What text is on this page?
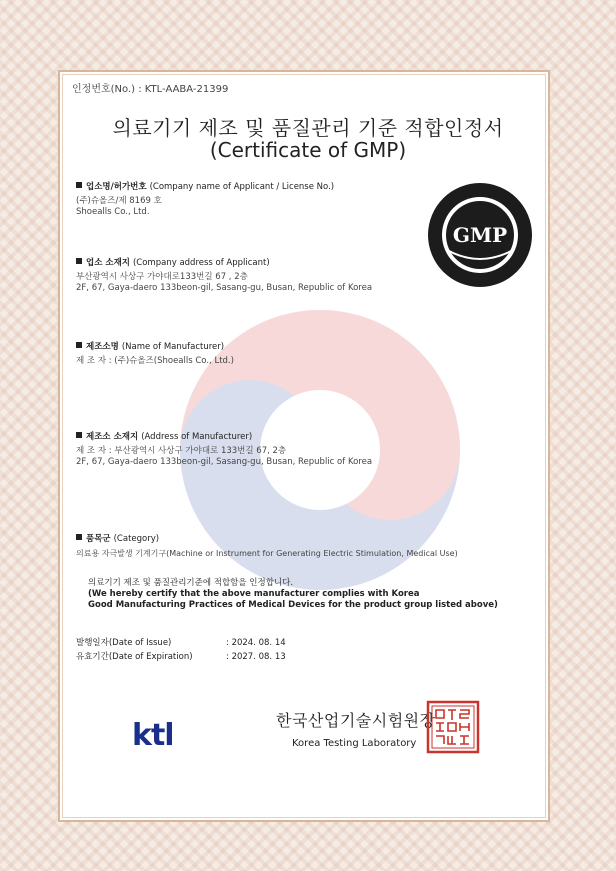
인정번호(No.) : KTL-AABA-21399
의료기기 제조 및 품질관리 기준 적합인정서
(Certificate of GMP)
GMP
업소명/허가번호 (Company name of Applicant / License No.)
(주)슈올즈/제 8169 호
Shoealls Co., Ltd.
업소 소재지 (Company address of Applicant)
부산광역시 사상구 가야대로133번길 67 , 2층
2F, 67, Gaya-daero 133beon-gil, Sasang-gu, Busan, Republic of Korea
제조소명 (Name of Manufacturer)
제 조 자 : (주)슈올즈(Shoealls Co., Ltd.)
제조소 소재지 (Address of Manufacturer)
제 조 자 : 부산광역시 사상구 가야대로 133번길 67, 2층
2F, 67, Gaya-daero 133beon-gil, Sasang-gu, Busan, Republic of Korea
품목군 (Category)
의료용 자극발생 기계기구(Machine or Instrument for Generating Electric Stimulation, Medical Use)
의료기기 제조 및 품질관리기준에 적합함을 인정합니다.
(We hereby certify that the above manufacturer complies with Korea
Good Manufacturing Practices of Medical Devices for the product group listed above)
발행일자(Date of Issue)	: 2024. 08. 14
유효기간(Date of Expiration)	: 2027. 08. 13
ktl	한국산업기술시험원장
Korea Testing Laboratory
